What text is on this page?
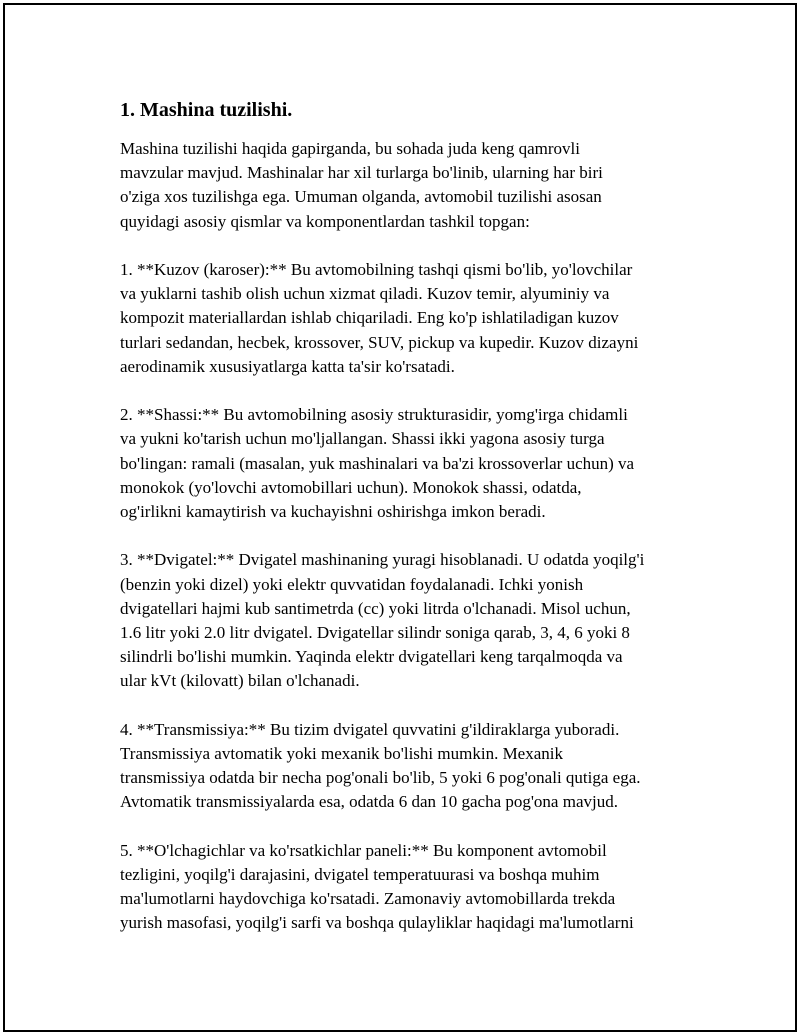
1. Mashina tuzilishi.

Mashina tuzilishi haqida gapirganda, bu sohada juda keng qamrovli
mavzular mavjud. Mashinalar har xil turlarga bo'linib, ularning har biri
o'ziga xos tuzilishga ega. Umuman olganda, avtomobil tuzilishi asosan
quyidagi asosiy qismlar va komponentlardan tashkil topgan:

1. **Kuzov (karoser):** Bu avtomobilning tashqi qismi bo'lib, yo'lovchilar
va yuklarni tashib olish uchun xizmat qiladi. Kuzov temir, alyuminiy va
kompozit materiallardan ishlab chiqariladi. Eng ko'p ishlatiladigan kuzov
turlari sedandan, hecbek, krossover, SUV, pickup va kupedir. Kuzov dizayni
aerodinamik xususiyatlarga katta ta'sir ko'rsatadi.

2. **Shassi:** Bu avtomobilning asosiy strukturasidir, yomg'irga chidamli
va yukni ko'tarish uchun mo'ljallangan. Shassi ikki yagona asosiy turga
bo'lingan: ramali (masalan, yuk mashinalari va ba'zi krossoverlar uchun) va
monokok (yo'lovchi avtomobillari uchun). Monokok shassi, odatda,
og'irlikni kamaytirish va kuchayishni oshirishga imkon beradi.

3. **Dvigatel:** Dvigatel mashinaning yuragi hisoblanadi. U odatda yoqilg'i
(benzin yoki dizel) yoki elektr quvvatidan foydalanadi. Ichki yonish
dvigatellari hajmi kub santimetrda (cc) yoki litrda o'lchanadi. Misol uchun,
1.6 litr yoki 2.0 litr dvigatel. Dvigatellar silindr soniga qarab, 3, 4, 6 yoki 8
silindrli bo'lishi mumkin. Yaqinda elektr dvigatellari keng tarqalmoqda va
ular kVt (kilovatt) bilan o'lchanadi.

4. **Transmissiya:** Bu tizim dvigatel quvvatini g'ildiraklarga yuboradi.
Transmissiya avtomatik yoki mexanik bo'lishi mumkin. Mexanik
transmissiya odatda bir necha pog'onali bo'lib, 5 yoki 6 pog'onali qutiga ega.
Avtomatik transmissiyalarda esa, odatda 6 dan 10 gacha pog'ona mavjud.

5. **O'lchagichlar va ko'rsatkichlar paneli:** Bu komponent avtomobil
tezligini, yoqilg'i darajasini, dvigatel temperatuurasi va boshqa muhim
ma'lumotlarni haydovchiga ko'rsatadi. Zamonaviy avtomobillarda trekda
yurish masofasi, yoqilg'i sarfi va boshqa qulayliklar haqidagi ma'lumotlarni
